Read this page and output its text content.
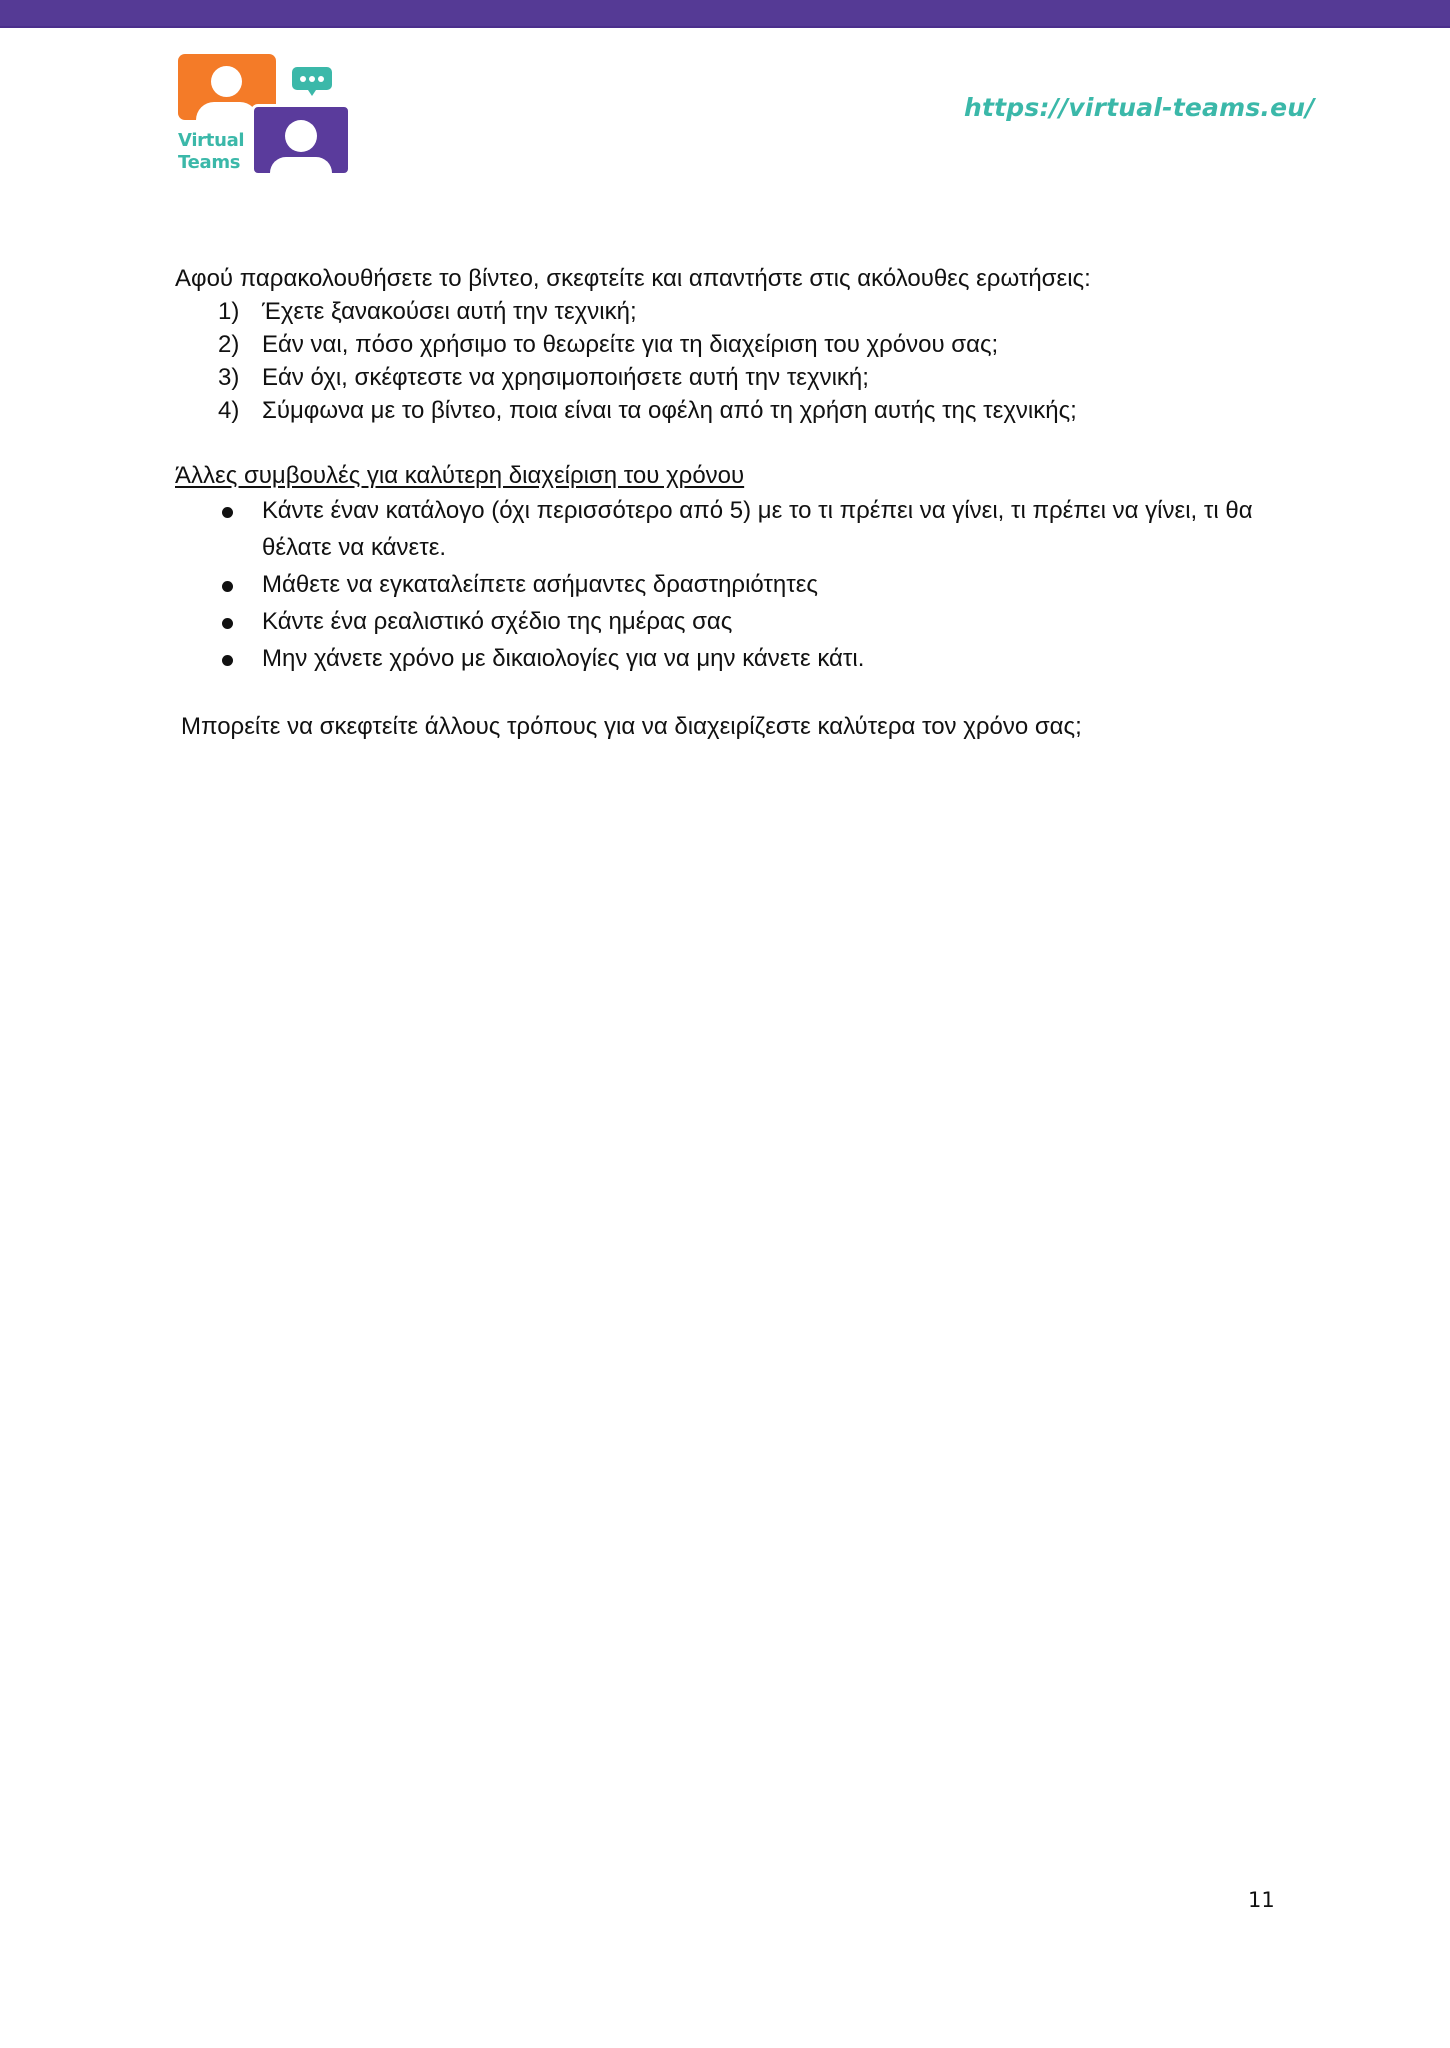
Virtual
Teams
https://virtual-teams.eu/

Αφού παρακολουθήσετε το βίντεο, σκεφτείτε και απαντήστε στις ακόλουθες ερωτήσεις:

1) Έχετε ξανακούσει αυτή την τεχνική;
2) Εάν ναι, πόσο χρήσιμο το θεωρείτε για τη διαχείριση του χρόνου σας;
3) Εάν όχι, σκέφτεστε να χρησιμοποιήσετε αυτή την τεχνική;
4) Σύμφωνα με το βίντεο, ποια είναι τα οφέλη από τη χρήση αυτής της τεχνικής;

Άλλες συμβουλές για καλύτερη διαχείριση του χρόνου

Κάντε έναν κατάλογο (όχι περισσότερο από 5) με το τι πρέπει να γίνει, τι πρέπει να γίνει, τι θα θέλατε να κάνετε.
Μάθετε να εγκαταλείπετε ασήμαντες δραστηριότητες
Κάντε ένα ρεαλιστικό σχέδιο της ημέρας σας
Μην χάνετε χρόνο με δικαιολογίες για να μην κάνετε κάτι.

Μπορείτε να σκεφτείτε άλλους τρόπους για να διαχειρίζεστε καλύτερα τον χρόνο σας;

11
